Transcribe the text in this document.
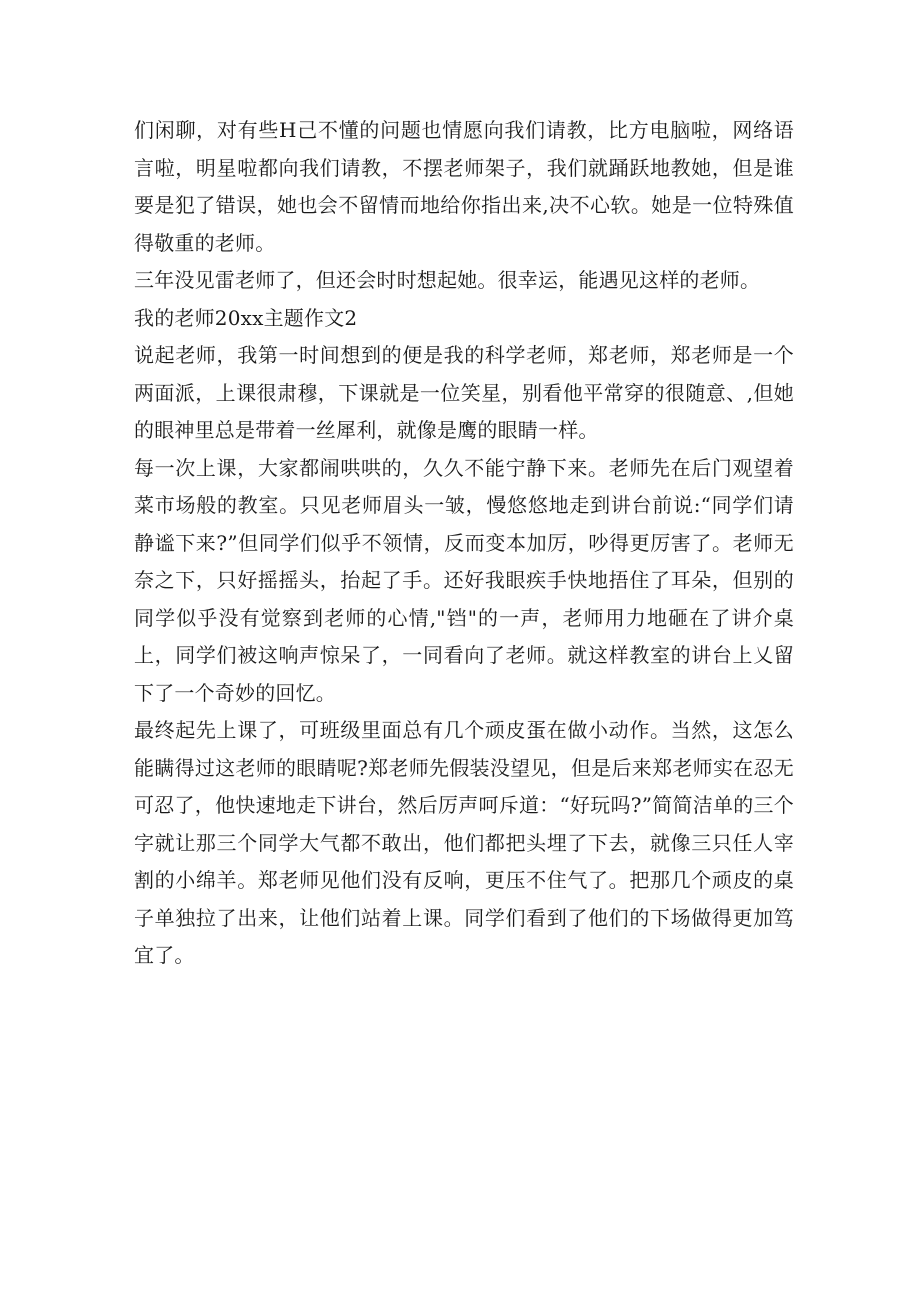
们闲聊，对有些H己不懂的问题也情愿向我们请教，比方电脑啦，网络语言啦，明星啦都向我们请教，不摆老师架子，我们就踊跃地教她，但是谁要是犯了错误，她也会不留情而地给你指出来,决不心软。她是一位特殊值得敬重的老师。

三年没见雷老师了，但还会时时想起她。很幸运，能遇见这样的老师。

我的老师20xx主题作文2

说起老师，我第一时间想到的便是我的科学老师，郑老师，郑老师是一个两面派，上课很肃穆，下课就是一位笑星，别看他平常穿的很随意、,但她的眼神里总是带着一丝犀利，就像是鹰的眼睛一样。

每一次上课，大家都闹哄哄的，久久不能宁静下来。老师先在后门观望着菜市场般的教室。只见老师眉头一皱，慢悠悠地走到讲台前说:“同学们请静谧下来?”但同学们似乎不领情，反而变本加厉，吵得更厉害了。老师无奈之下，只好摇摇头，抬起了手。还好我眼疾手快地捂住了耳朵，但别的同学似乎没有觉察到老师的心情,"铛"的一声，老师用力地砸在了讲介桌上，同学们被这响声惊呆了，一同看向了老师。就这样教室的讲台上乂留下了一个奇妙的回忆。

最终起先上课了，可班级里面总有几个顽皮蛋在做小动作。当然，这怎么能瞒得过这老师的眼睛呢?郑老师先假装没望见，但是后来郑老师实在忍无可忍了，他快速地走下讲台，然后厉声呵斥道：“好玩吗?”简简洁单的三个字就让那三个同学大气都不敢出，他们都把头埋了下去，就像三只任人宰割的小绵羊。郑老师见他们没有反响，更压不住气了。把那几个顽皮的桌子单独拉了出来，让他们站着上课。同学们看到了他们的下场做得更加笃宜了。
